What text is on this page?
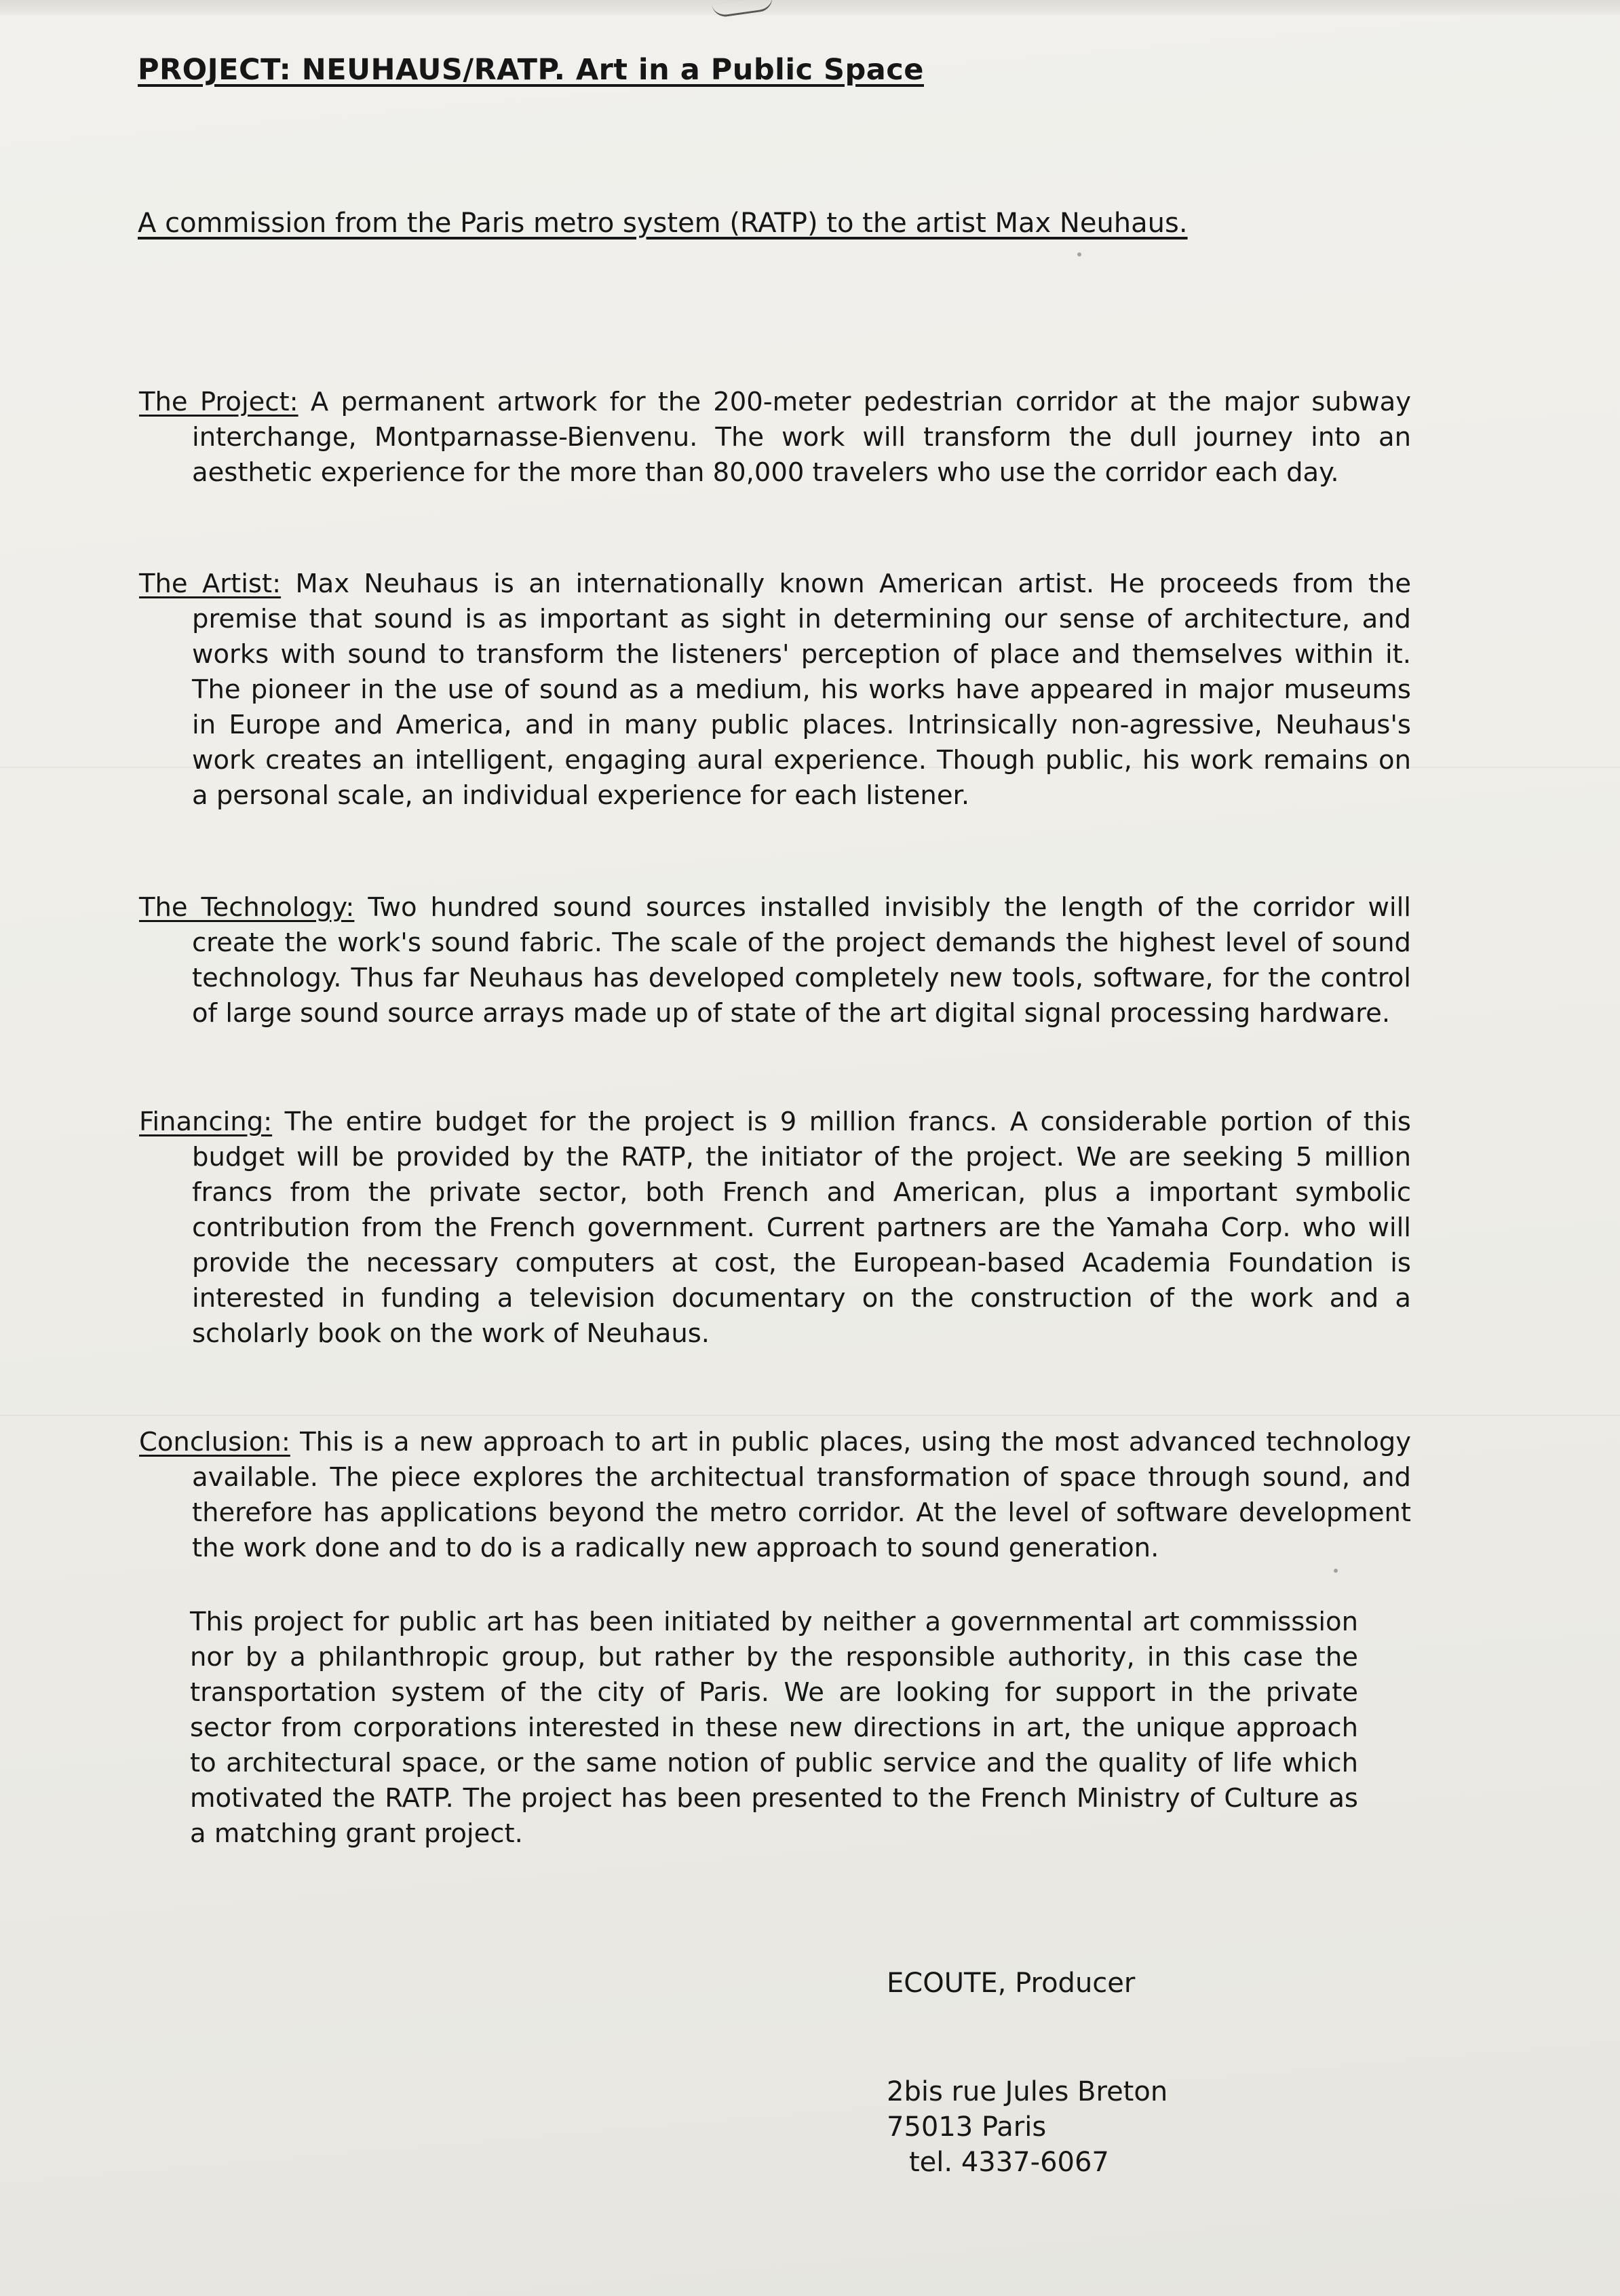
PROJECT: NEUHAUS/RATP. Art in a Public Space
A commission from the Paris metro system (RATP) to the artist Max Neuhaus.
The Project: A permanent artwork for the 200-meter pedestrian corridor at the major subway interchange, Montparnasse-Bienvenu. The work will transform the dull journey into an aesthetic experience for the more than 80,000 travelers who use the corridor each day.
The Artist: Max Neuhaus is an internationally known American artist. He proceeds from the premise that sound is as important as sight in determining our sense of architecture, and works with sound to transform the listeners' perception of place and themselves within it. The pioneer in the use of sound as a medium, his works have appeared in major museums in Europe and America, and in many public places. Intrinsically non-agressive, Neuhaus's work creates an intelligent, engaging aural experience. Though public, his work remains on a personal scale, an individual experience for each listener.
The Technology: Two hundred sound sources installed invisibly the length of the corridor will create the work's sound fabric. The scale of the project demands the highest level of sound technology. Thus far Neuhaus has developed completely new tools, software, for the control of large sound source arrays made up of state of the art digital signal processing hardware.
Financing: The entire budget for the project is 9 million francs. A considerable portion of this budget will be provided by the RATP, the initiator of the project. We are seeking 5 million francs from the private sector, both French and American, plus a important symbolic contribution from the French government. Current partners are the Yamaha Corp. who will provide the necessary computers at cost, the European-based Academia Foundation is interested in funding a television documentary on the construction of the work and a scholarly book on the work of Neuhaus.
Conclusion: This is a new approach to art in public places, using the most advanced technology available. The piece explores the architectual transformation of space through sound, and therefore has applications beyond the metro corridor. At the level of software development the work done and to do is a radically new approach to sound generation.
This project for public art has been initiated by neither a governmental art commisssion nor by a philanthropic group, but rather by the responsible authority, in this case the transportation system of the city of Paris. We are looking for support in the private sector from corporations interested in these new directions in art, the unique approach to architectural space, or the same notion of public service and the quality of life which motivated the RATP. The project has been presented to the French Ministry of Culture as a matching grant project.
ECOUTE, Producer
2bis rue Jules Breton
75013 Paris
tel. 4337-6067
